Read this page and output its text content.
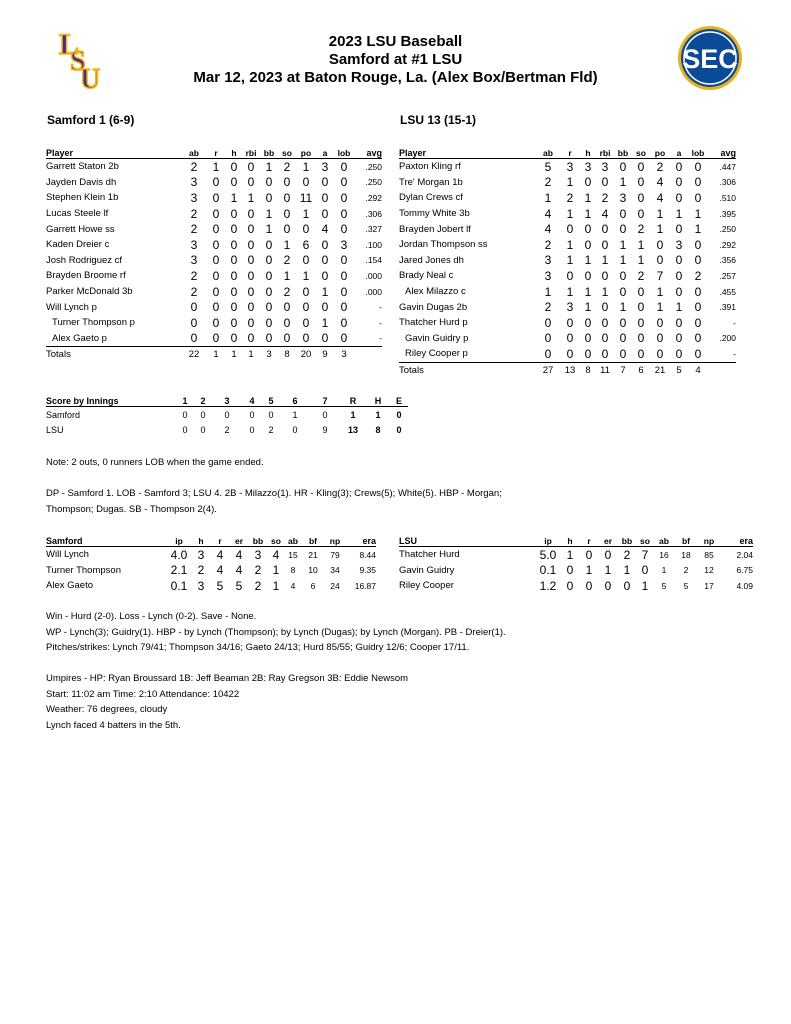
L
S
U
2023 LSU Baseball
Samford at #1 LSU
Mar 12, 2023 at Baton Rouge, La. (Alex Box/Bertman Fld)
SEC
Samford 1 (6-9)	LSU 13 (15-1)
Player	ab	r	h	rbi	bb	so	po	a	lob	avg
Garrett Staton 2b	2	1	0	0	1	2	1	3	0	.250
Jayden Davis dh	3	0	0	0	0	0	0	0	0	.250
Stephen Klein 1b	3	0	1	1	0	0	11	0	0	.292
Lucas Steele lf	2	0	0	0	1	0	1	0	0	.306
Garrett Howe ss	2	0	0	0	1	0	0	4	0	.327
Kaden Dreier c	3	0	0	0	0	1	6	0	3	.100
Josh Rodriguez cf	3	0	0	0	0	2	0	0	0	.154
Brayden Broome rf	2	0	0	0	0	1	1	0	0	.000
Parker McDonald 3b	2	0	0	0	0	2	0	1	0	.000
Will Lynch p	0	0	0	0	0	0	0	0	0	-
Turner Thompson p	0	0	0	0	0	0	0	1	0	-
Alex Gaeto p	0	0	0	0	0	0	0	0	0	-
Totals	22	1	1	1	3	8	20	9	3	
Player	ab	r	h	rbi	bb	so	po	a	lob	avg
Paxton Kling rf	5	3	3	3	0	0	2	0	0	.447
Tre' Morgan 1b	2	1	0	0	1	0	4	0	0	.306
Dylan Crews cf	1	2	1	2	3	0	4	0	0	.510
Tommy White 3b	4	1	1	4	0	0	1	1	1	.395
Brayden Jobert lf	4	0	0	0	0	2	1	0	1	.250
Jordan Thompson ss	2	1	0	0	1	1	0	3	0	.292
Jared Jones dh	3	1	1	1	1	1	0	0	0	.356
Brady Neal c	3	0	0	0	0	2	7	0	2	.257
Alex Milazzo c	1	1	1	1	0	0	1	0	0	.455
Gavin Dugas 2b	2	3	1	0	1	0	1	1	0	.391
Thatcher Hurd p	0	0	0	0	0	0	0	0	0	-
Gavin Guidry p	0	0	0	0	0	0	0	0	0	.200
Riley Cooper p	0	0	0	0	0	0	0	0	0	-
Totals	27	13	8	11	7	6	21	5	4	
Score by Innings	1	2	3	4	5	6	7	R	H	E
Samford	0	0	0	0	0	1	0	1	1	0
LSU	0	0	2	0	2	0	9	13	8	0
Note: 2 outs, 0 runners LOB when the game ended.
DP - Samford 1. LOB - Samford 3; LSU 4. 2B - Milazzo(1). HR - Kling(3); Crews(5); White(5). HBP - Morgan;
Thompson; Dugas. SB - Thompson 2(4).
Samford	ip	h	r	er	bb	so	ab	bf	np	era
Will Lynch	4.0	3	4	4	3	4	15	21	79	8.44
Turner Thompson	2.1	2	4	4	2	1	8	10	34	9.35
Alex Gaeto	0.1	3	5	5	2	1	4	6	24	16.87
LSU	ip	h	r	er	bb	so	ab	bf	np	era
Thatcher Hurd	5.0	1	0	0	2	7	16	18	85	2.04
Gavin Guidry	0.1	0	1	1	1	0	1	2	12	6.75
Riley Cooper	1.2	0	0	0	0	1	5	5	17	4.09
Win - Hurd (2-0). Loss - Lynch (0-2). Save - None.
WP - Lynch(3); Guidry(1). HBP - by Lynch (Thompson); by Lynch (Dugas); by Lynch (Morgan). PB - Dreier(1).
Pitches/strikes: Lynch 79/41; Thompson 34/16; Gaeto 24/13; Hurd 85/55; Guidry 12/6; Cooper 17/11.
Umpires - HP: Ryan Broussard 1B: Jeff Beaman 2B: Ray Gregson 3B: Eddie Newsom
Start: 11:02 am Time: 2:10 Attendance: 10422
Weather: 76 degrees, cloudy
Lynch faced 4 batters in the 5th.
